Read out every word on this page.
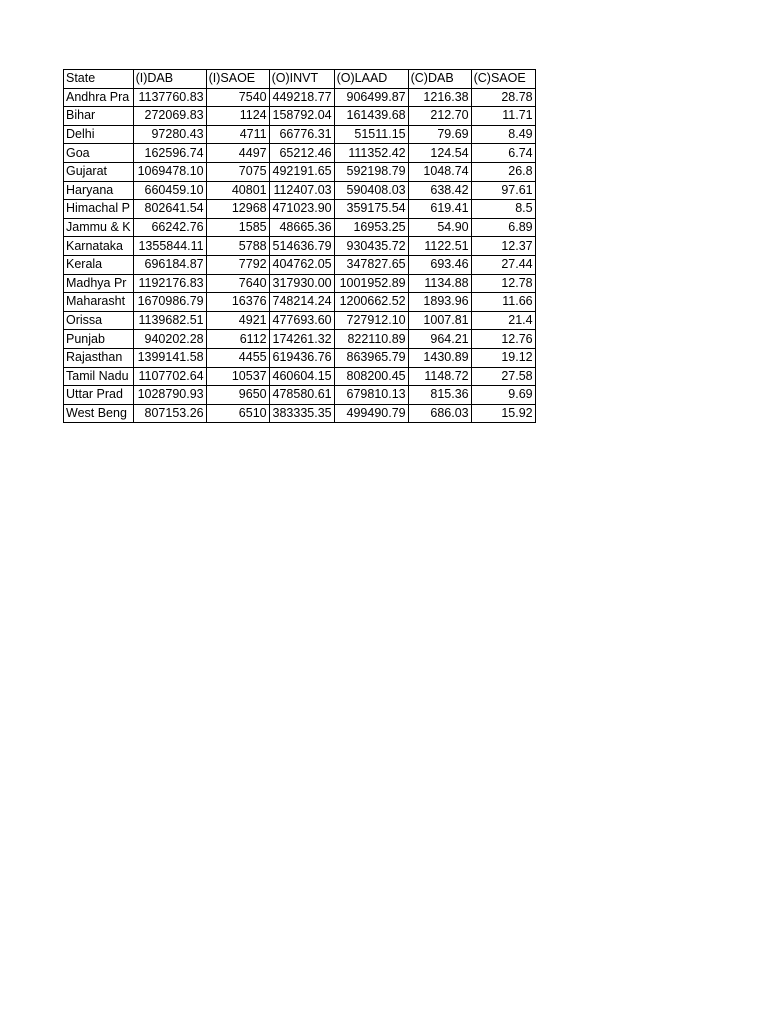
State	(I)DAB	(I)SAOE	(O)INVT	(O)LAAD	(C)DAB	(C)SAOE
Andhra Pra	1137760.83	7540	449218.77	906499.87	1216.38	28.78
Bihar	272069.83	1124	158792.04	161439.68	212.70	11.71
Delhi	97280.43	4711	66776.31	51511.15	79.69	8.49
Goa	162596.74	4497	65212.46	111352.42	124.54	6.74
Gujarat	1069478.10	7075	492191.65	592198.79	1048.74	26.8
Haryana	660459.10	40801	112407.03	590408.03	638.42	97.61
Himachal P	802641.54	12968	471023.90	359175.54	619.41	8.5
Jammu & K	66242.76	1585	48665.36	16953.25	54.90	6.89
Karnataka	1355844.11	5788	514636.79	930435.72	1122.51	12.37
Kerala	696184.87	7792	404762.05	347827.65	693.46	27.44
Madhya Pr	1192176.83	7640	317930.00	1001952.89	1134.88	12.78
Maharasht	1670986.79	16376	748214.24	1200662.52	1893.96	11.66
Orissa	1139682.51	4921	477693.60	727912.10	1007.81	21.4
Punjab	940202.28	6112	174261.32	822110.89	964.21	12.76
Rajasthan	1399141.58	4455	619436.76	863965.79	1430.89	19.12
Tamil Nadu	1107702.64	10537	460604.15	808200.45	1148.72	27.58
Uttar Prad	1028790.93	9650	478580.61	679810.13	815.36	9.69
West Beng	807153.26	6510	383335.35	499490.79	686.03	15.92
